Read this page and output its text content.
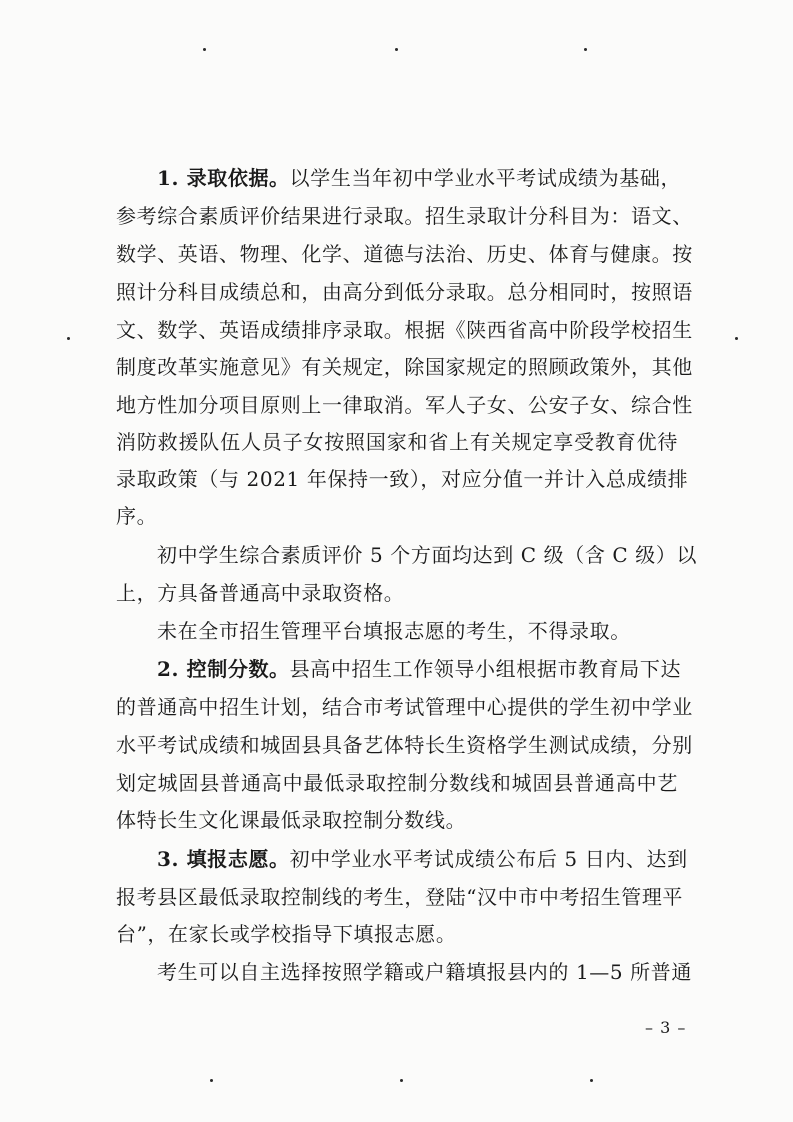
1. 录取依据。以学生当年初中学业水平考试成绩为基础，
参考综合素质评价结果进行录取。招生录取计分科目为：语文、
数学、英语、物理、化学、道德与法治、历史、体育与健康。按
照计分科目成绩总和，由高分到低分录取。总分相同时，按照语
文、数学、英语成绩排序录取。根据《陕西省高中阶段学校招生
制度改革实施意见》有关规定，除国家规定的照顾政策外，其他
地方性加分项目原则上一律取消。军人子女、公安子女、综合性
消防救援队伍人员子女按照国家和省上有关规定享受教育优待
录取政策（与 2021 年保持一致），对应分值一并计入总成绩排
序。
初中学生综合素质评价 5 个方面均达到 C 级（含 C 级）以
上，方具备普通高中录取资格。
未在全市招生管理平台填报志愿的考生，不得录取。
2. 控制分数。县高中招生工作领导小组根据市教育局下达
的普通高中招生计划，结合市考试管理中心提供的学生初中学业
水平考试成绩和城固县具备艺体特长生资格学生测试成绩，分别
划定城固县普通高中最低录取控制分数线和城固县普通高中艺
体特长生文化课最低录取控制分数线。
3. 填报志愿。初中学业水平考试成绩公布后 5 日内、达到
报考县区最低录取控制线的考生，登陆“汉中市中考招生管理平
台”，在家长或学校指导下填报志愿。
考生可以自主选择按照学籍或户籍填报县内的 1—5 所普通
– 3 –
